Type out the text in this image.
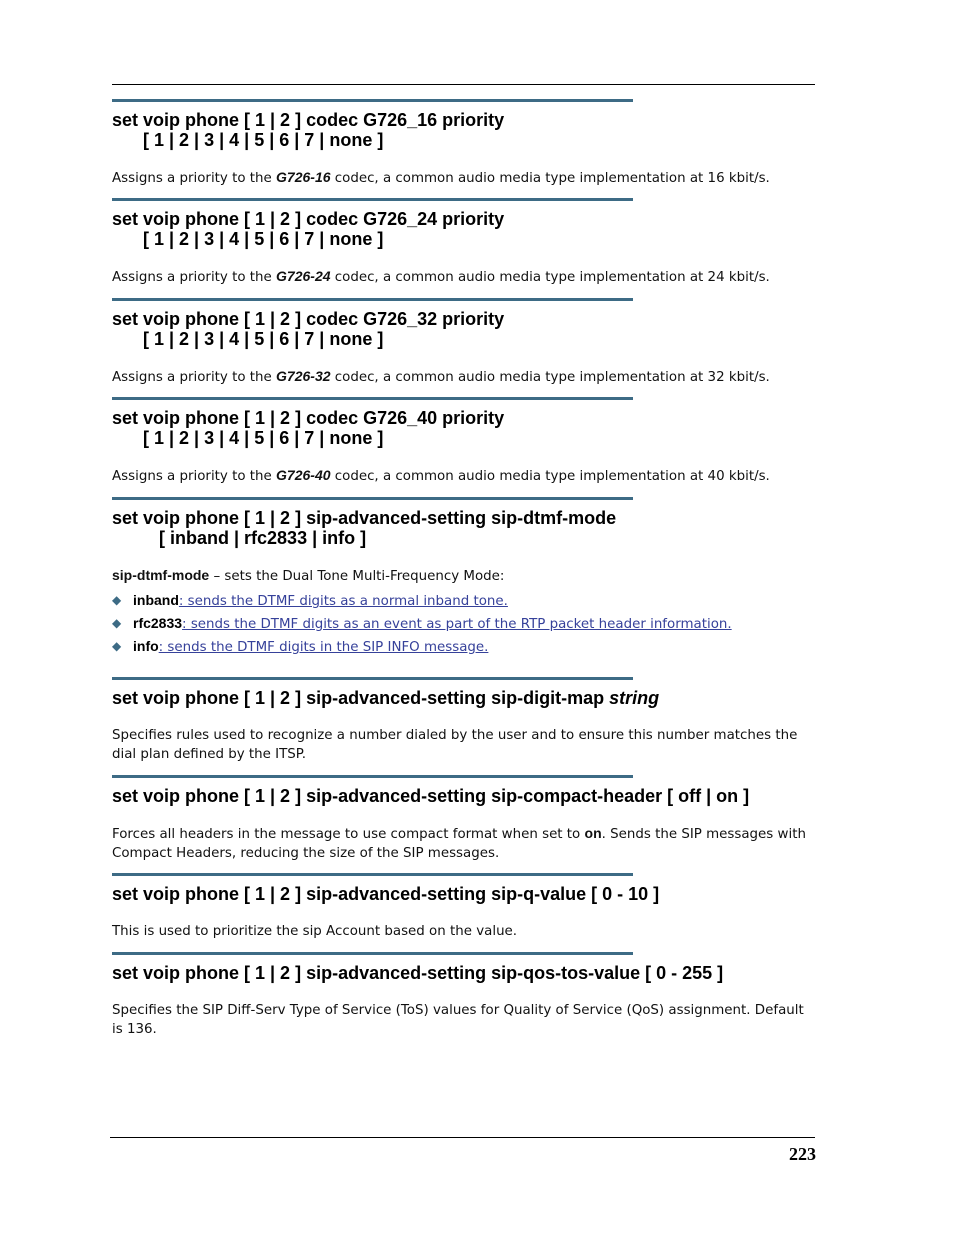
set voip phone [ 1 | 2 ] codec G726_16 priority
[ 1 | 2 | 3 | 4 | 5 | 6 | 7 | none ]
Assigns a priority to the G726-16 codec, a common audio media type implementation at 16 kbit/s.
set voip phone [ 1 | 2 ] codec G726_24 priority
[ 1 | 2 | 3 | 4 | 5 | 6 | 7 | none ]
Assigns a priority to the G726-24 codec, a common audio media type implementation at 24 kbit/s.
set voip phone [ 1 | 2 ] codec G726_32 priority
[ 1 | 2 | 3 | 4 | 5 | 6 | 7 | none ]
Assigns a priority to the G726-32 codec, a common audio media type implementation at 32 kbit/s.
set voip phone [ 1 | 2 ] codec G726_40 priority
[ 1 | 2 | 3 | 4 | 5 | 6 | 7 | none ]
Assigns a priority to the G726-40 codec, a common audio media type implementation at 40 kbit/s.
set voip phone [ 1 | 2 ] sip-advanced-setting sip-dtmf-mode
[ inband | rfc2833 | info ]
sip-dtmf-mode – sets the Dual Tone Multi-Frequency Mode:
◆ inband: sends the DTMF digits as a normal inband tone.
◆ rfc2833: sends the DTMF digits as an event as part of the RTP packet header information.
◆ info: sends the DTMF digits in the SIP INFO message.
set voip phone [ 1 | 2 ] sip-advanced-setting sip-digit-map string
Specifies rules used to recognize a number dialed by the user and to ensure this number matches the dial plan defined by the ITSP.
set voip phone [ 1 | 2 ] sip-advanced-setting sip-compact-header [ off | on ]
Forces all headers in the message to use compact format when set to on. Sends the SIP messages with Compact Headers, reducing the size of the SIP messages.
set voip phone [ 1 | 2 ] sip-advanced-setting sip-q-value [ 0 - 10 ]
This is used to prioritize the sip Account based on the value.
set voip phone [ 1 | 2 ] sip-advanced-setting sip-qos-tos-value [ 0 - 255 ]
Specifies the SIP Diff-Serv Type of Service (ToS) values for Quality of Service (QoS) assignment. Default is 136.
223
